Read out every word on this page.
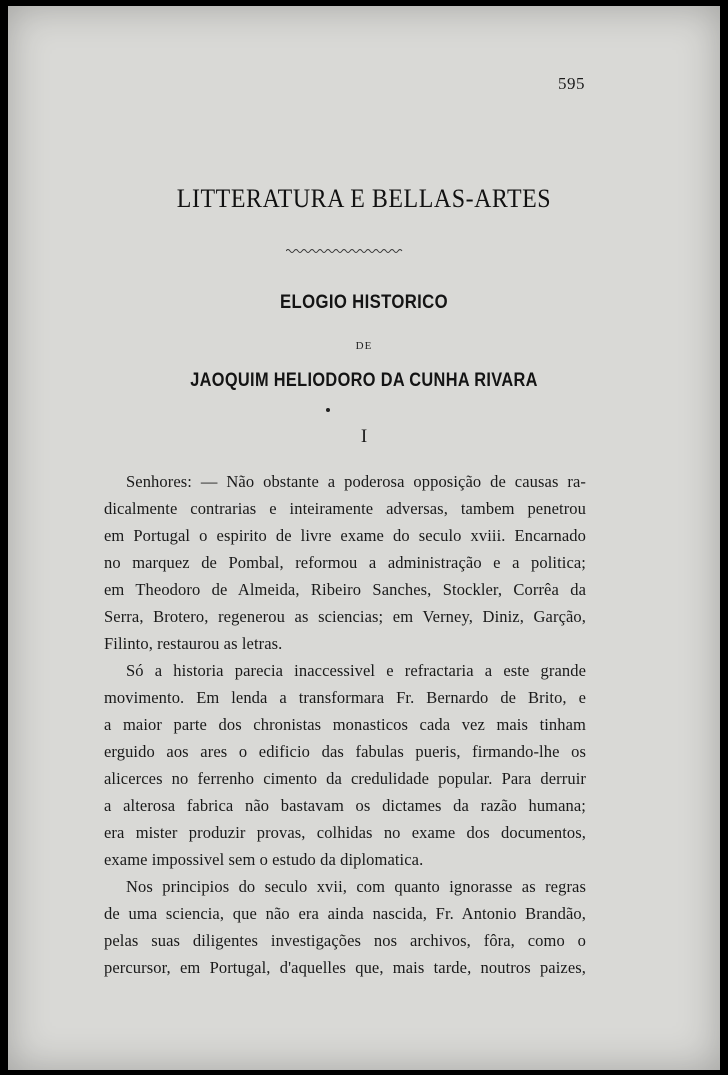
595
LITTERATURA E BELLAS-ARTES
ELOGIO HISTORICO
DE
JAOQUIM HELIODORO DA CUNHA RIVARA
I
Senhores: — Não obstante a poderosa opposição de causas ra-
dicalmente contrarias e inteiramente adversas, tambem penetrou
em Portugal o espirito de livre exame do seculo xviii. Encarnado
no marquez de Pombal, reformou a administração e a politica;
em Theodoro de Almeida, Ribeiro Sanches, Stockler, Corrêa da
Serra, Brotero, regenerou as sciencias; em Verney, Diniz, Garção,
Filinto, restaurou as letras.
Só a historia parecia inaccessivel e refractaria a este grande
movimento. Em lenda a transformara Fr. Bernardo de Brito, e
a maior parte dos chronistas monasticos cada vez mais tinham
erguido aos ares o edificio das fabulas pueris, firmando-lhe os
alicerces no ferrenho cimento da credulidade popular. Para derruir
a alterosa fabrica não bastavam os dictames da razão humana;
era mister produzir provas, colhidas no exame dos documentos,
exame impossivel sem o estudo da diplomatica.
Nos principios do seculo xvii, com quanto ignorasse as regras
de uma sciencia, que não era ainda nascida, Fr. Antonio Brandão,
pelas suas diligentes investigações nos archivos, fôra, como o
percursor, em Portugal, d'aquelles que, mais tarde, noutros paizes,
